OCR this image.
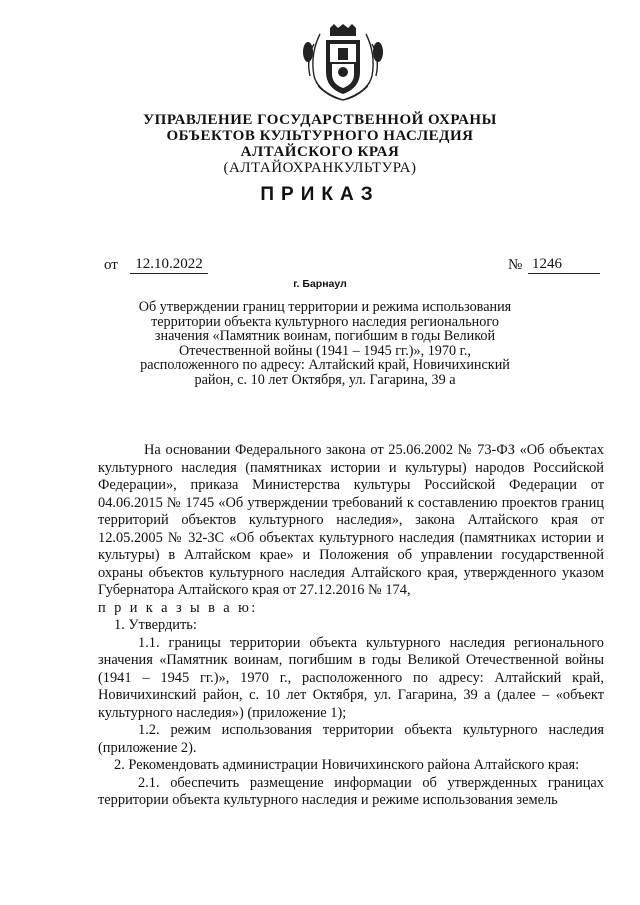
УПРАВЛЕНИЕ ГОСУДАРСТВЕННОЙ ОХРАНЫ
ОБЪЕКТОВ КУЛЬТУРНОГО НАСЛЕДИЯ
АЛТАЙСКОГО КРАЯ
(АЛТАЙОХРАНКУЛЬТУРА)
ПРИКАЗ
от	12.10.2022	№ 1246
г. Барнаул
Об утверждении границ территории и режима использования
территории объекта культурного наследия регионального
значения «Памятник воинам, погибшим в годы Великой
Отечественной войны (1941 – 1945 гг.)», 1970 г.,
расположенного по адресу: Алтайский край, Новичихинский
район, с. 10 лет Октября, ул. Гагарина, 39 а

На основании Федерального закона от 25.06.2002 № 73-ФЗ «Об объектах культурного наследия (памятниках истории и культуры) народов Российской Федерации», приказа Министерства культуры Российской Федерации от 04.06.2015 № 1745 «Об утверждении требований к составлению проектов границ территорий объектов культурного наследия», закона Алтайского края от 12.05.2005 № 32-ЗС «Об объектах культурного наследия (памятниках истории и культуры) в Алтайском крае» и Положения об управлении государственной охраны объектов культурного наследия Алтайского края, утвержденного указом Губернатора Алтайского края от 27.12.2016 № 174,

п р и к а з ы в а ю:

1. Утвердить:

1.1. границы территории объекта культурного наследия регионального значения «Памятник воинам, погибшим в годы Великой Отечественной войны (1941 – 1945 гг.)», 1970 г., расположенного по адресу: Алтайский край, Новичихинский район, с. 10 лет Октября, ул. Гагарина, 39 а (далее – «объект культурного наследия») (приложение 1);

1.2. режим использования территории объекта культурного наследия (приложение 2).

2. Рекомендовать администрации Новичихинского района Алтайского края:

2.1. обеспечить размещение информации об утвержденных границах территории объекта культурного наследия и режиме использования земель
